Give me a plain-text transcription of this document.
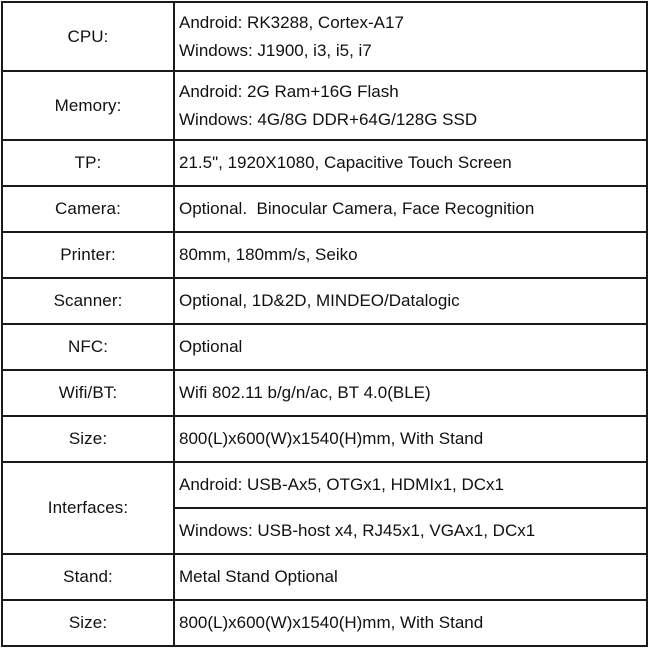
CPU:	Android: RK3288, Cortex-A17
Windows: J1900, i3, i5, i7

Memory:	Android: 2G Ram+16G Flash
Windows: 4G/8G DDR+64G/128G SSD

TP:	21.5", 1920X1080, Capacitive Touch Screen
Camera:	Optional.  Binocular Camera, Face Recognition
Printer:	80mm, 180mm/s, Seiko
Scanner:	Optional, 1D&2D, MINDEO/Datalogic
NFC:	Optional
Wifi/BT:	Wifi 802.11 b/g/n/ac, BT 4.0(BLE)
Size:	800(L)x600(W)x1540(H)mm, With Stand
Interfaces:	Android: USB-Ax5, OTGx1, HDMIx1, DCx1
	Windows: USB-host x4, RJ45x1, VGAx1, DCx1
Stand:	Metal Stand Optional
Size:	800(L)x600(W)x1540(H)mm, With Stand
